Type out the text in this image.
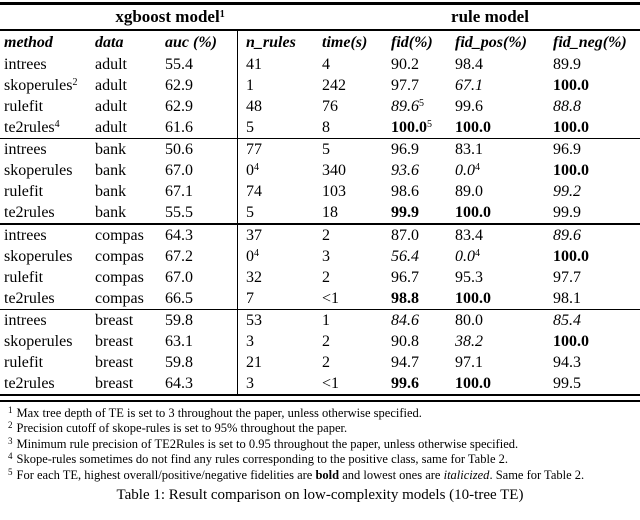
xgboost model$^1$	rule model
method	data	auc (%)	n_rules	time(s)	fid(%)	fid_pos(%)	fid_neg(%)
intrees	adult	55.4	41	4	90.2	98.4	89.9
skoperules$^2$	adult	62.9	1	242	97.7	67.1	100.0
rulefit	adult	62.9	48	76	89.6$^5$	99.6	88.8
te2rules$^4$	adult	61.6	5	8	100.0$^5$	100.0	100.0
intrees	bank	50.6	77	5	96.9	83.1	96.9
skoperules	bank	67.0	$0^4$	340	93.6	$0.0^4$	100.0
rulefit	bank	67.1	74	103	98.6	89.0	99.2
te2rules	bank	55.5	5	18	99.9	100.0	99.9
intrees	compas	64.3	37	2	87.0	83.4	89.6
skoperules	compas	67.2	$0^4$	3	56.4	$0.0^4$	100.0
rulefit	compas	67.0	32	2	96.7	95.3	97.7
te2rules	compas	66.5	7	<1	98.8	100.0	98.1
intrees	breast	59.8	53	1	84.6	80.0	85.4
skoperules	breast	63.1	3	2	90.8	38.2	100.0
rulefit	breast	59.8	21	2	94.7	97.1	94.3
te2rules	breast	64.3	3	<1	99.6	100.0	99.5
$^1$ Max tree depth of TE is set to 3 throughout the paper, unless otherwise specified.
$^2$ Precision cutoff of skope-rules is set to 95% throughout the paper.
$^3$ Minimum rule precision of TE2Rules is set to 0.95 throughout the paper, unless otherwise specified.
$^4$ Skope-rules sometimes do not find any rules corresponding to the positive class, same for Table 2.
$^5$ For each TE, highest overall/positive/negative fidelities are bold and lowest ones are italicized. Same for Table 2.
Table 1: Result comparison on low-complexity models (10-tree TE)
